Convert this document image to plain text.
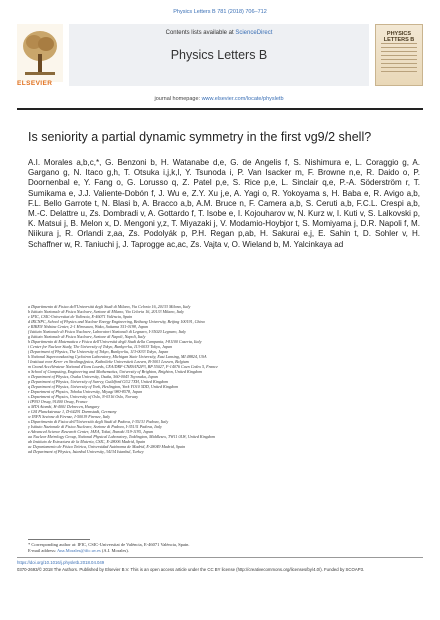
Physics Letters B 781 (2018) 706–712
ELSEVIER
Contents lists available at ScienceDirect
Physics Letters B
journal homepage: www.elsevier.com/locate/physletb
PHYSICS LETTERS B
Is seniority a partial dynamic symmetry in the first νg9/2 shell?
A.I. Morales a,b,c,*, G. Benzoni b, H. Watanabe d,e, G. de Angelis f, S. Nishimura e, L. Coraggio g, A. Gargano g, N. Itaco g,h, T. Otsuka i,j,k,l, Y. Tsunoda i, P. Van Isacker m, F. Browne n,e, R. Daido o, P. Doornenbal e, Y. Fang o, G. Lorusso q, Z. Patel p,e, S. Rice p,e, L. Sinclair q,e, P.-A. Söderström r, T. Sumikama e, J.J. Valiente-Dobón f, J. Wu e, Z.Y. Xu j,e, A. Yagi o, R. Yokoyama s, H. Baba e, R. Avigo a,b, F.L. Bello Garrote t, N. Blasi b, A. Bracco a,b, A.M. Bruce n, F. Camera a,b, S. Ceruti a,b, F.C.L. Crespi a,b, M.-C. Delattre u, Zs. Dombradi v, A. Gottardo f, T. Isobe e, I. Kojouharov w, N. Kurz w, I. Kuti v, S. Lalkovski p, K. Matsui j, B. Melon x, D. Mengoni y,z, T. Miyazaki j, V. Modamio-Hoybjor t, S. Momiyama j, D.R. Napoli f, M. Niikura j, R. Orlandi z,aa, Zs. Podolyák p, P.H. Regan p,ab, H. Sakurai e,j, E. Sahin t, D. Sohler v, H. Schaffner w, R. Taniuchi j, J. Taprogge ac,ac, Zs. Vajta v, O. Wieland b, M. Yalcinkaya ad
a Dipartimento di Fisica dell'Università degli Studi di Milano, Via Celoria 16, 20133 Milano, Italy
b Istituto Nazionale di Fisica Nucleare, Sezione di Milano, Via Celoria 16, 20133 Milano, Italy
c IFIC, CSIC-Universitat de València, E-46071 València, Spain
d IRCNPC, School of Physics and Nuclear Energy Engineering, Beihang University, Beijing 100191, China
e RIKEN Nishina Center, 2-1 Hirosawa, Wako, Saitama 351-0198, Japan
f Istituto Nazionale di Fisica Nucleare, Laboratori Nazionali di Legnaro, I-35020 Legnaro, Italy
g Istituto Nazionale di Fisica Nucleare, Sezione di Napoli, Napoli, Italy
h Dipartimento di Matematica e Fisica dell'Università degli Studi della Campania, I-81100 Caserta, Italy
i Center for Nuclear Study, The University of Tokyo, Bunkyo-ku, 113-0033 Tokyo, Japan
j Department of Physics, The University of Tokyo, Bunkyo-ku, 113-0033 Tokyo, Japan
k National Superconducting Cyclotron Laboratory, Michigan State University, East Lansing, MI 48824, USA
l Instituut voor Kern- en Stralingsfysica, Katholieke Universiteit Leuven, B-3001 Leuven, Belgium
m Grand Accélérateur National d'Ions Lourds, CEA/DRF-CNRS/IN2P3, BP 55027, F-14076 Caen Cedex 5, France
n School of Computing, Engineering and Mathematics, University of Brighton, Brighton, United Kingdom
o Department of Physics, Osaka University, Osaka, 560-0043 Toyonaka, Japan
p Department of Physics, University of Surrey, Guildford GU2 7XH, United Kingdom
q Department of Physics, University of York, Heslington, York YO10 5DD, United Kingdom
r Department of Physics, Tohoku University, Miyagi 980-8578, Japan
s Department of Physics, University of Oslo, N-0316 Oslo, Norway
t IPNO Orsay, 91400 Orsay, France
u MTA Atomki, H-4001 Debrecen, Hungary
v GSI Planckstrasse 1, D-64291 Darmstadt, Germany
w INFN Sezione di Firenze, I-50019 Firenze, Italy
x Dipartimento di Fisica dell'Università degli Studi di Padova, I-35131 Padova, Italy
y Istituto Nazionale di Fisica Nucleare, Sezione di Padova, I-35131 Padova, Italy
z Advanced Science Research Center, JAEA, Tokai, Ibaraki 319-1195, Japan
aa Nuclear Metrology Group, National Physical Laboratory, Teddington, Middlesex, TW11 0LW, United Kingdom
ab Instituto de Estructura de la Materia, CSIC, E-28006 Madrid, Spain
ac Departamento de Física Teórica, Universidad Autónoma de Madrid, E-28049 Madrid, Spain
ad Department of Physics, Istanbul University, 34134 Istanbul, Turkey
* Corresponding author at: IFIC, CSIC-Universitat de València, E-46071 València, Spain.
E-mail address: Ana.Morales@ific.uv.es (A.I. Morales).
https://doi.org/10.1016/j.physletb.2018.04.049
0370-2693/© 2018 The Authors. Published by Elsevier B.V. This is an open access article under the CC BY license (http://creativecommons.org/licenses/by/4.0/). Funded by SCOAP3.
